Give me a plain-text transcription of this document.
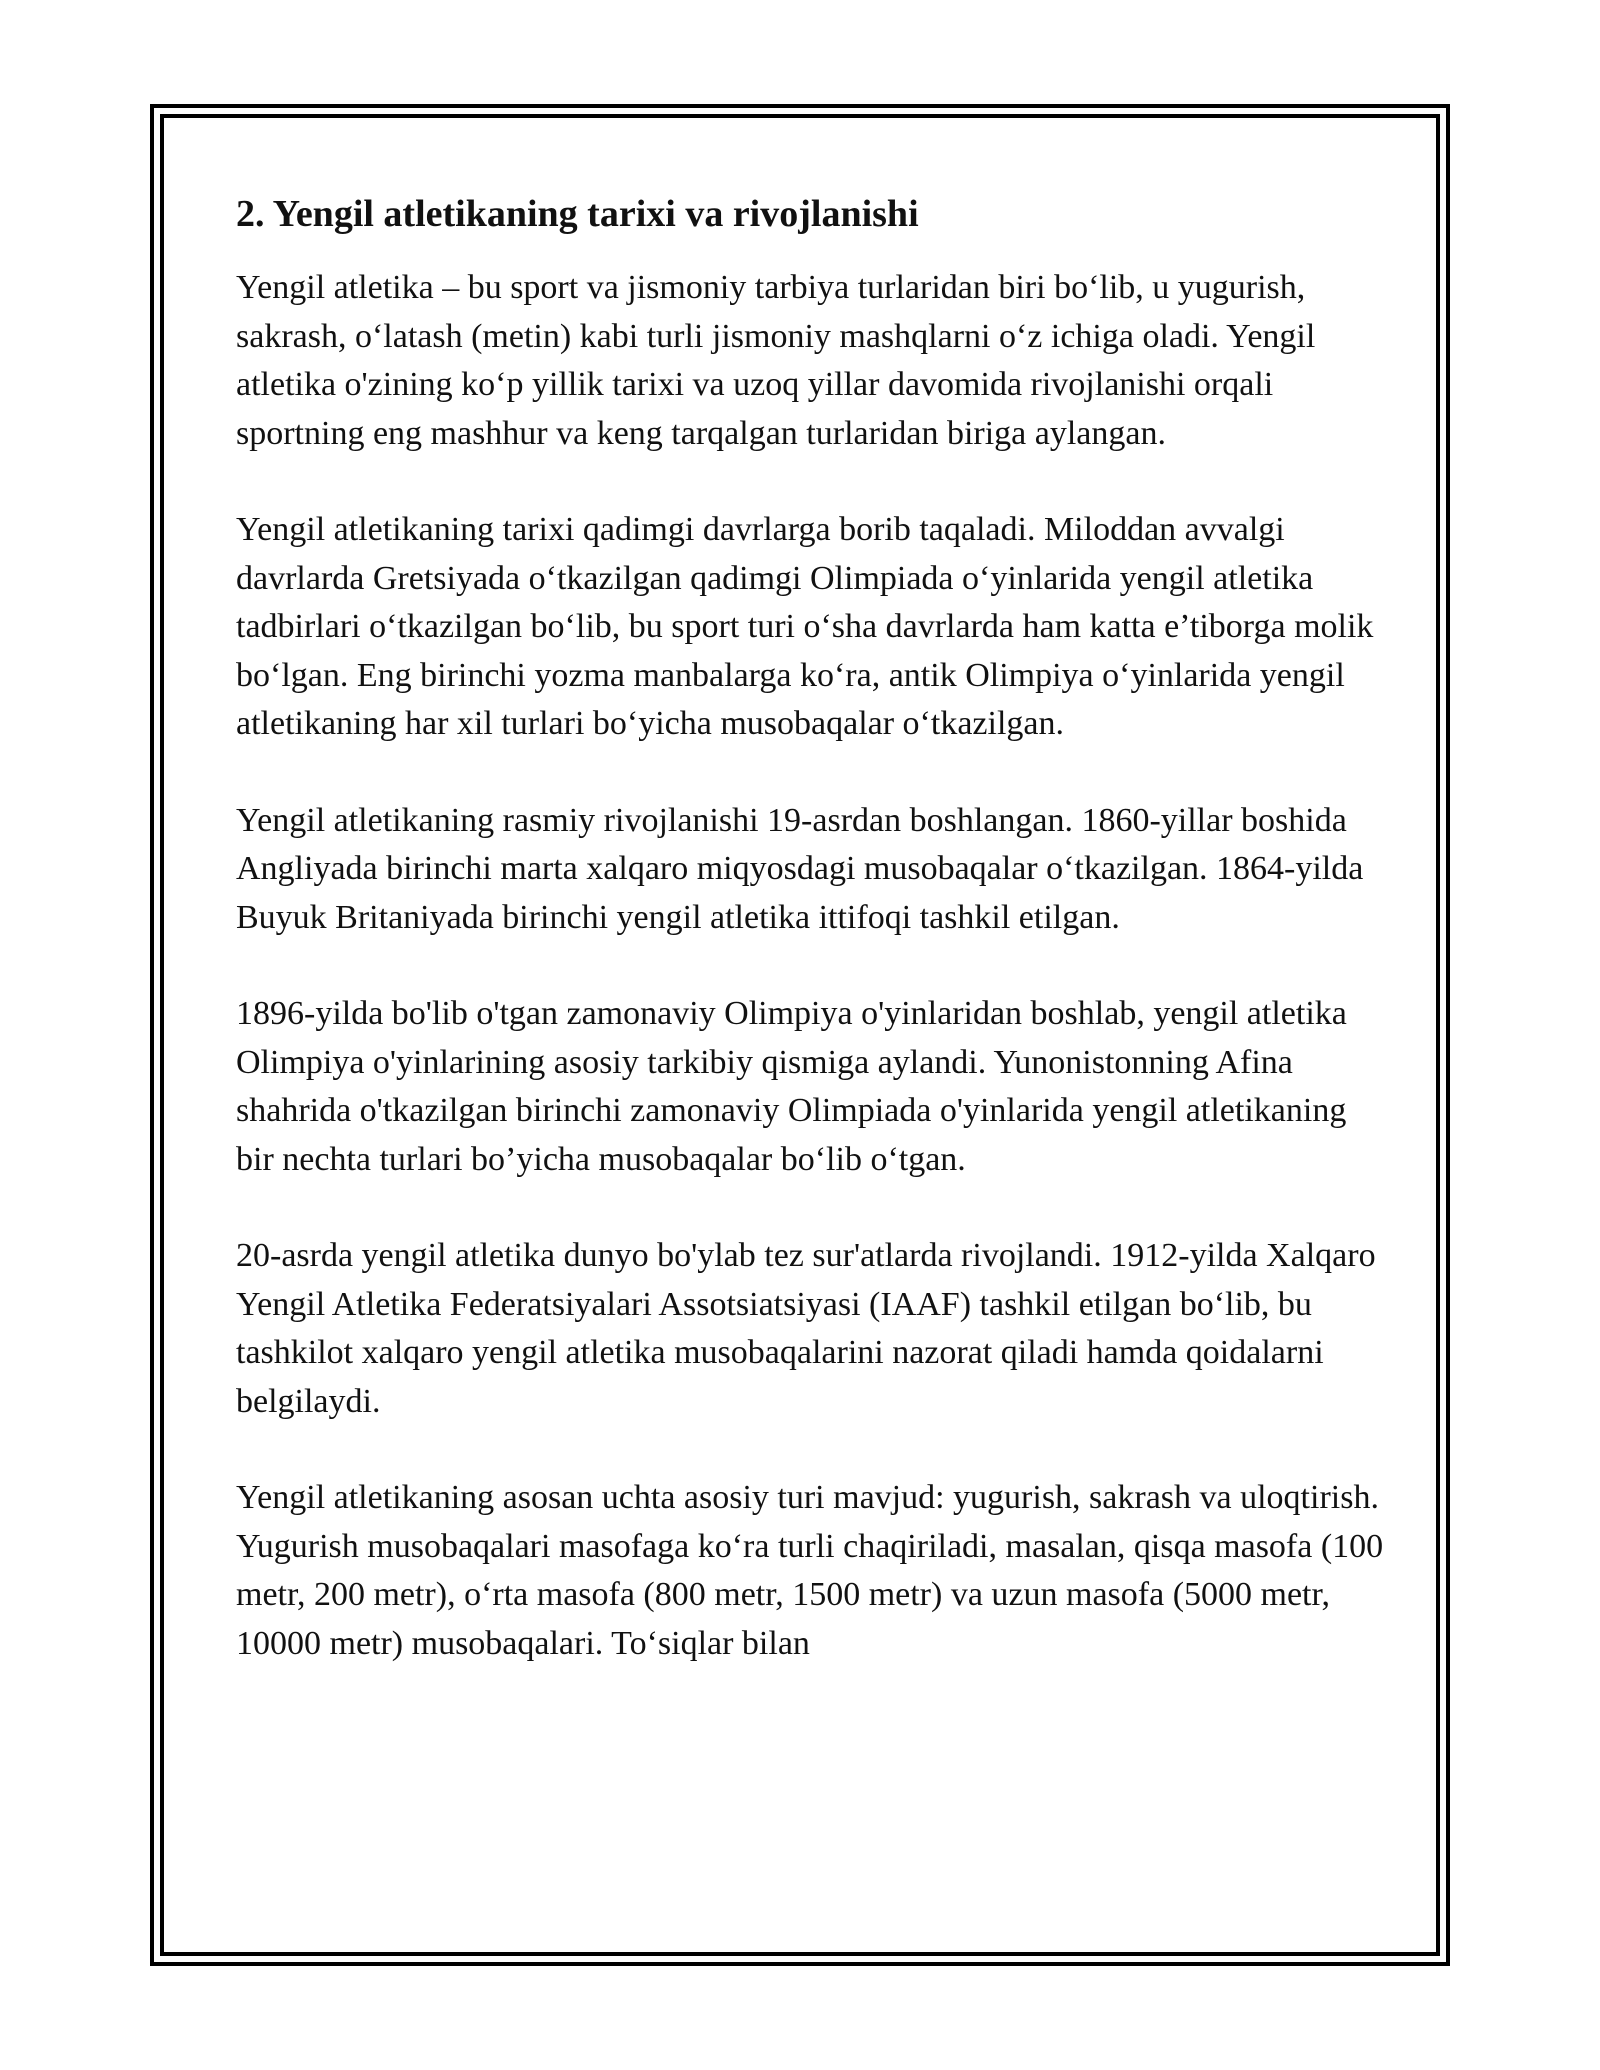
2. Yengil atletikaning tarixi va rivojlanishi

Yengil atletika – bu sport va jismoniy tarbiya turlaridan biri bo‘lib, u yugurish, sakrash, o‘latash (metin) kabi turli jismoniy mashqlarni o‘z ichiga oladi. Yengil atletika o'zining ko‘p yillik tarixi va uzoq yillar davomida rivojlanishi orqali sportning eng mashhur va keng tarqalgan turlaridan biriga aylangan.

Yengil atletikaning tarixi qadimgi davrlarga borib taqaladi. Miloddan avvalgi davrlarda Gretsiyada o‘tkazilgan qadimgi Olimpiada o‘yinlarida yengil atletika tadbirlari o‘tkazilgan bo‘lib, bu sport turi o‘sha davrlarda ham katta e’tiborga molik bo‘lgan. Eng birinchi yozma manbalarga ko‘ra, antik Olimpiya o‘yinlarida yengil atletikaning har xil turlari bo‘yicha musobaqalar o‘tkazilgan.

Yengil atletikaning rasmiy rivojlanishi 19-asrdan boshlangan. 1860-yillar boshida Angliyada birinchi marta xalqaro miqyosdagi musobaqalar o‘tkazilgan. 1864-yilda Buyuk Britaniyada birinchi yengil atletika ittifoqi tashkil etilgan.

1896-yilda bo'lib o'tgan zamonaviy Olimpiya o'yinlaridan boshlab, yengil atletika Olimpiya o'yinlarining asosiy tarkibiy qismiga aylandi. Yunonistonning Afina shahrida o'tkazilgan birinchi zamonaviy Olimpiada o'yinlarida yengil atletikaning bir nechta turlari bo’yicha musobaqalar bo‘lib o‘tgan.

20-asrda yengil atletika dunyo bo'ylab tez sur'atlarda rivojlandi. 1912-yilda Xalqaro Yengil Atletika Federatsiyalari Assotsiatsiyasi (IAAF) tashkil etilgan bo‘lib, bu tashkilot xalqaro yengil atletika musobaqalarini nazorat qiladi hamda qoidalarni belgilaydi.

Yengil atletikaning asosan uchta asosiy turi mavjud: yugurish, sakrash va uloqtirish. Yugurish musobaqalari masofaga ko‘ra turli chaqiriladi, masalan, qisqa masofa (100 metr, 200 metr), o‘rta masofa (800 metr, 1500 metr) va uzun masofa (5000 metr, 10000 metr) musobaqalari. To‘siqlar bilan
